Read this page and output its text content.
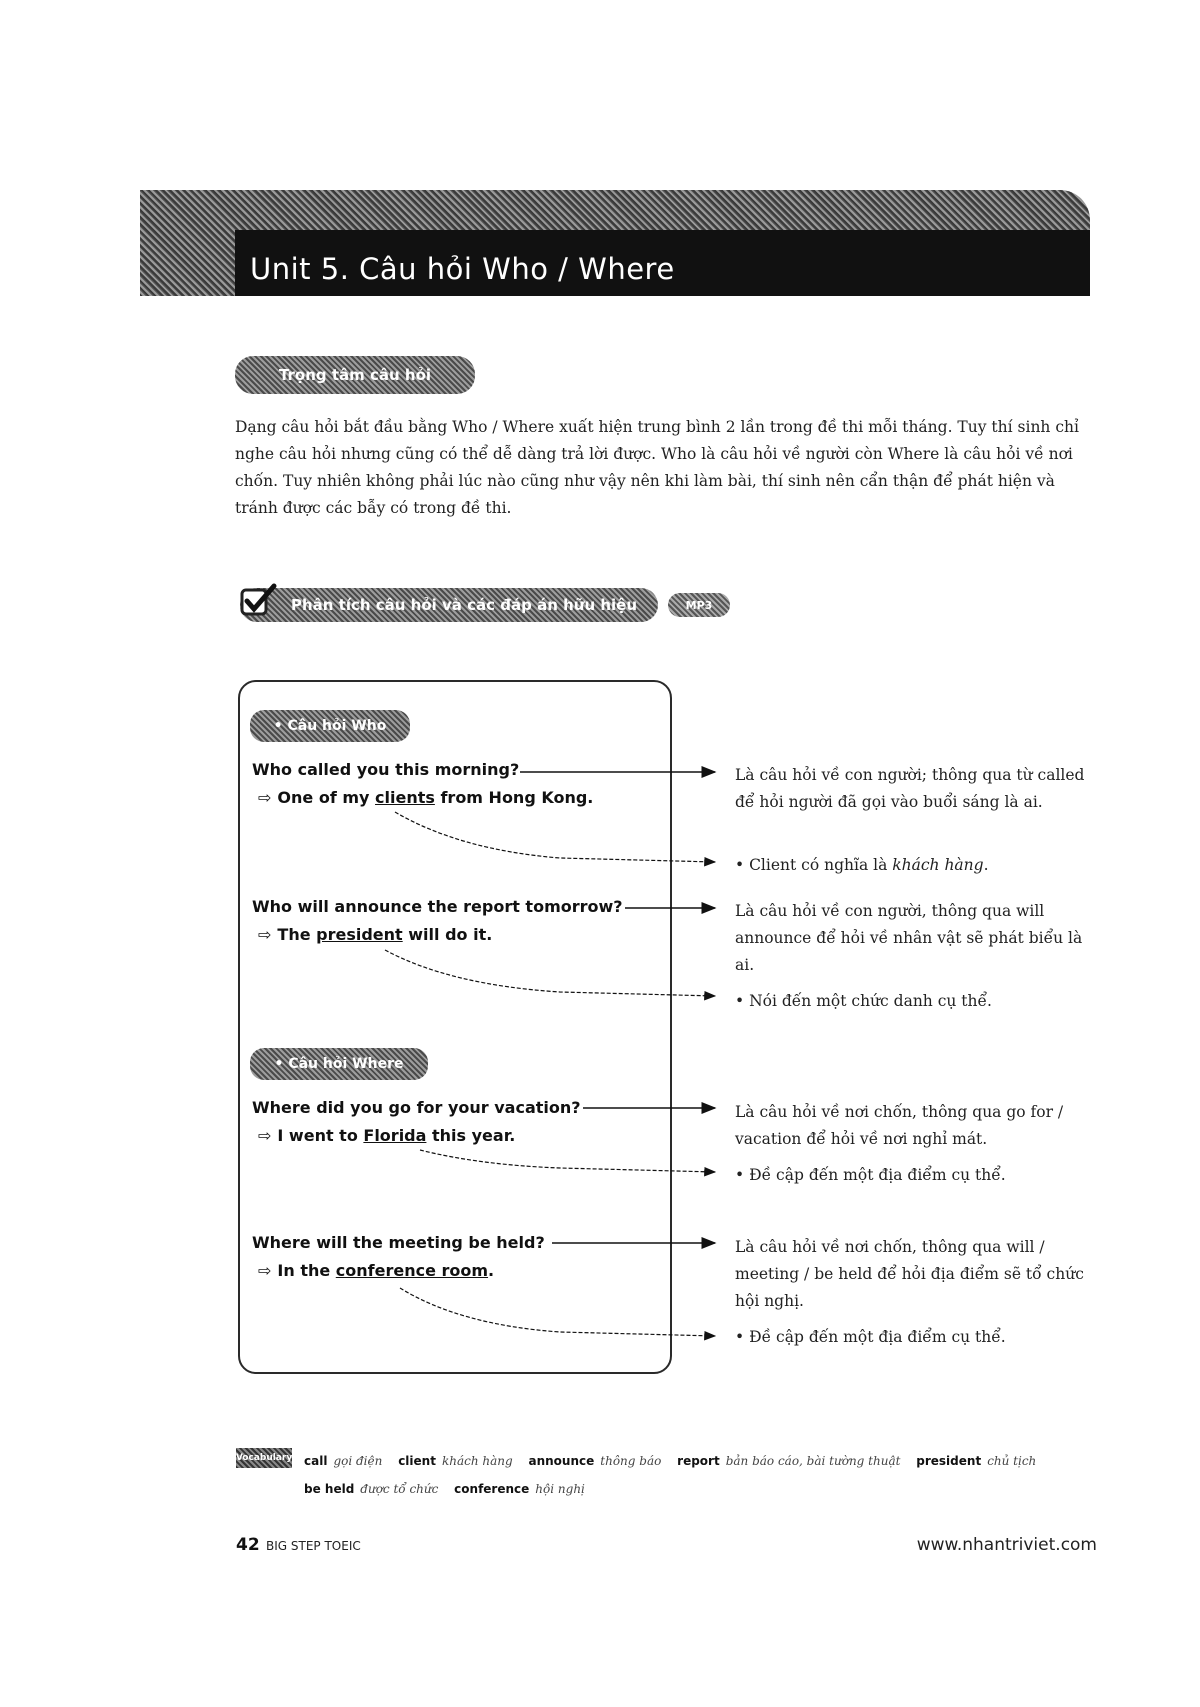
Unit 5. Câu hỏi Who / Where
Trọng tâm câu hỏi
Dạng câu hỏi bắt đầu bằng Who / Where xuất hiện trung bình 2 lần trong đề thi mỗi tháng. Tuy thí sinh chỉ nghe câu hỏi nhưng cũng có thể dễ dàng trả lời được. Who là câu hỏi về người còn Where là câu hỏi về nơi chốn. Tuy nhiên không phải lúc nào cũng như vậy nên khi làm bài, thí sinh nên cẩn thận để phát hiện và tránh được các bẫy có trong đề thi.
Phân tích câu hỏi và các đáp án hữu hiệu	MP3
• Câu hỏi Who
• Câu hỏi Where
Who called you this morning?
⇨ One of my clients from Hong Kong.
Là câu hỏi về con người; thông qua từ called để hỏi người đã gọi vào buổi sáng là ai.
• Client có nghĩa là khách hàng.
Who will announce the report tomorrow?
⇨ The president will do it.
Là câu hỏi về con người, thông qua will announce để hỏi về nhân vật sẽ phát biểu là ai.
• Nói đến một chức danh cụ thể.
Where did you go for your vacation?
⇨ I went to Florida this year.
Là câu hỏi về nơi chốn, thông qua go for / vacation để hỏi về nơi nghỉ mát.
• Đề cập đến một địa điểm cụ thể.
Where will the meeting be held?
⇨ In the conference room.
Là câu hỏi về nơi chốn, thông qua will / meeting / be held để hỏi địa điểm sẽ tổ chức hội nghị.
• Đề cập đến một địa điểm cụ thể.
Vocabulary call gọi điện client khách hàng announce thông báo report bản báo cáo, bài tường thuật president chủ tịch
be held được tổ chức conference hội nghị
42 BIG STEP TOEIC	www.nhantriviet.com
